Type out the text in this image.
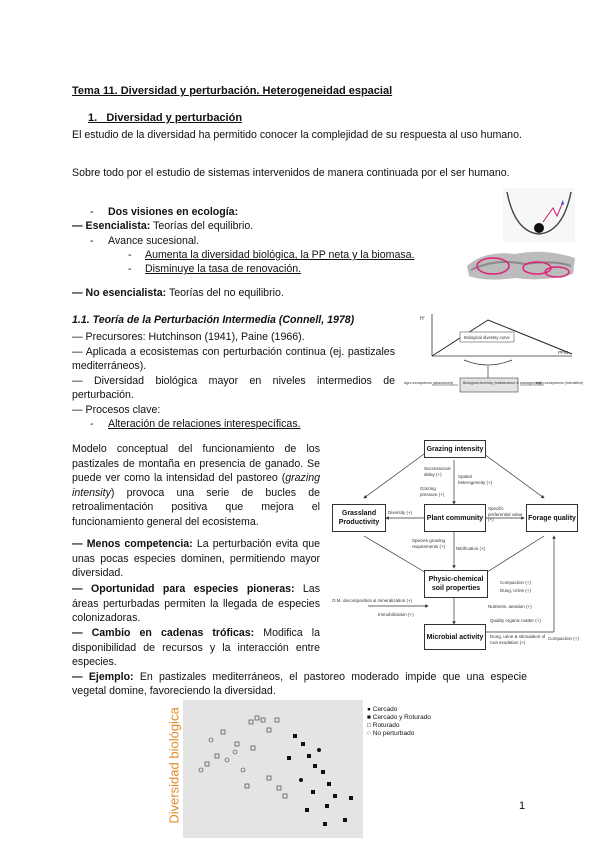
Tema 11. Diversidad y perturbación. Heterogeneidad espacial
1.   Diversidad y perturbación
El estudio de la diversidad ha permitido conocer la complejidad de su respuesta al uso humano.
Sobre todo por el estudio de sistemas intervenidos de manera continuada por el ser humano.
- Dos visiones en ecología:
— Esencialista: Teorías del equilibrio.
- Avance sucesional.
- Aumenta la diversidad biológica, la PP neta y la biomasa.
- Disminuye la tasa de renovación.
— No esencialista: Teorías del no equilibrio.
1.1. Teoría de la Perturbación Intermedia (Connell, 1978)
— Precursores: Hutchinson (1941), Paine (1966).
— Aplicada a ecosistemas con perturbación continua (ej. pastizales mediterráneos).
— Diversidad biológica mayor en niveles intermedios de perturbación.
— Procesos clave:
- Alteración de relaciones interespecíficas.
H'
PP/B
Biological diversity curve
Biological diversity (maintenance & management)
Agro-ecosystems (abandoned)	Agro-ecosystems (intensified)
Modelo conceptual del funcionamiento de los pastizales de montaña en presencia de ganado. Se puede ver como la intensidad del pastoreo (grazing intensity) provoca una serie de bucles de retroalimentación positiva que mejora el funcionamiento general del ecosistema.
— Menos competencia: La perturbación evita que unas pocas especies dominen, permitiendo mayor diversidad.
— Oportunidad para especies pioneras: Las áreas perturbadas permiten la llegada de especies colonizadoras.
— Cambio en cadenas tróficas: Modifica la disponibilidad de recursos y la interacción entre especies.
— Ejemplo: En pastizales mediterráneos, el pastoreo moderado impide que una especie vegetal domine, favoreciendo la diversidad.
Grazing intensity
Plant community
Grassland Productivity
Forage quality
Physic-chemical soil properties
Microbial activity
Successional delay (+)	Spatial heterogeneity (+)
Grazing pressure (+)
Diversity (+)
Specific preferential value (+)
Species growing requirements (+)	Nitrification (+)
Compaction (+)
Dung, Urine (+)
O.M. decomposition & mineralization (+)
Immobilization (+)
Nutrients, aeration (+)
Quality organic matter (+)
Dung, urine & stimulation of root exudation (+)
Compaction (+)
Diversidad biológica	● Cercado
■ Cercado y Roturado
□ Roturado
○ No perturbado
1
